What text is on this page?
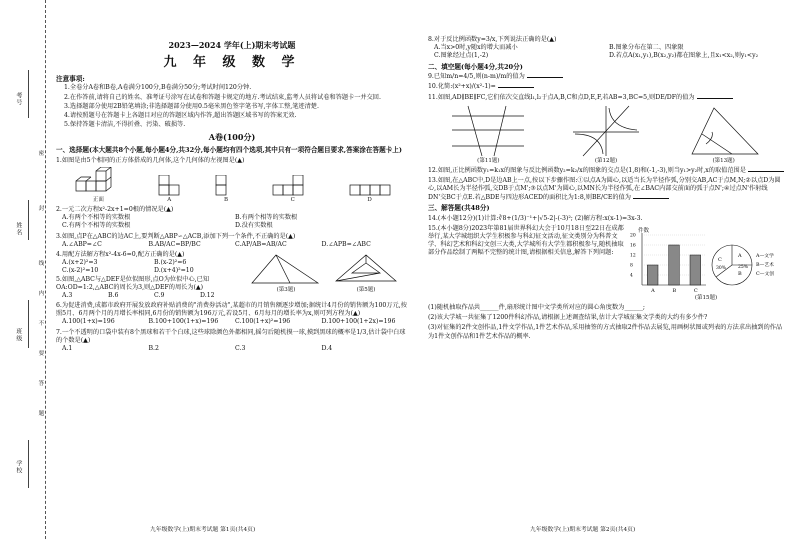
考号
姓名
班级
学校
密
封
线
内
不
要
答
题
2023—2024 学年(上)期末考试题
九 年 级 数 学
注意事项:
1.全卷分A卷和B卷,A卷满分100分,B卷满分50分;考试时间120分钟.
2.在作答前,请将自己的姓名、准考证号涂写在试卷和答题卡规定的地方.考试结束,监考人员将试卷和答题卡一并交回.
3.选择题部分使用2B铅笔填涂;非选择题部分使用0.5毫米黑色签字笔书写,字体工整,笔迹清楚.
4.请按照题号在答题卡上各题目对应的答题区域内作答,超出答题区域书写的答案无效.
5.保持答题卡清洁,不得折叠、污染、破损等.
A卷(100分)
一、选择题(本大题共8个小题,每小题4分,共32分,每小题均有四个选项,其中只有一项符合题目要求,答案涂在答题卡上)
1.如图是由5个相同的正方体搭成的几何体,这个几何体的左视图是(▲)
正面	A	B	C	D
2.一元二次方程x²-2x+1=0根的情况是(▲)
A.有两个不相等的实数根	B.有两个相等的实数根
C.有两个不相等的实数根	D.没有实数根
3.如图,点P在△ABC的边AC上,要判断△ABP∽△ACB,添加下列一个条件,不正确的是(▲)
A.∠ABP=∠C	B.AB/AC=BP/BC	C.AP/AB=AB/AC	D.∠APB=∠ABC
4.用配方法解方程x²-4x-6=0,配方正确的是(▲)
A.(x+2)²=3	B.(x-2)²=6
C.(x-2)²=10	D.(x+4)²=10
5.如图,△ABC与△DEF是位似图形,点O为位似中心,已知OA:OD=1:2,△ABC的周长为3,则△DEF的周长为(▲)
A.3	B.6	C.9	D.12
(第3题)	(第5题)
6.为促进消费,成都市政府开展发放政府补贴消费的"消费券活动",某超市的月销售额逐步增加;据统计4月份的销售额为100万元,按照5月、6月两个月的月增长率相同,6月份的销售额为196万元,若设5月、6月每月的增长率为x,则可列方程为(▲)
A.100(1+x)=196	B.100+100(1+x)=196	C.100(1+x)²=196	D.100+100(1+2x)=196
7.一个不透明的口袋中装有8个黑球和若干个白球,这些球除颜色外都相同,摇匀后随机摸一球,摸到黑球的概率是1/3,估计袋中白球的个数是(▲)
A.1	B.2	C.3	D.4
九年级数学(上)期末考试题 第1页(共4页)
8.对于反比例函数y=3/x,下列说法正确的是(▲)
A.当x>0时,y随x的增大而减小	B.图象分布在第二、四象限
C.图象经过点(1,-2)	D.若点A(x₁,y₁),B(x₂,y₂)都在图象上,且x₁<x₂,则y₁<y₂
二、填空题(每小题4分,共20分)
9.已知m/n=4/5,则(n-m)/m的值为
10.化简:(x²+x)/(x²-1)=
11.如图,AD∥BE∥FC,它们依次交直线l₁,l₂于点A,B,C和点D,E,F,若AB=3,BC=5,则DE/DF的值为
(第11题)	(第12题)	(第13题)
12.如图,正比例函数y₁=k₁x的图象与反比例函数y₂=k₂/x的图象的交点是(1,8)和(-1,-3),则当y₁>y₂时,x的取值范围是
13.如图,在△ABC中,D是边AB上一点,按以下步骤作图:①以点A为圆心,以适当长为半径作弧,分别交AB,AC于点M,N;②以点D为圆心,以AM长为半径作弧,交DB于点M';③以点M'为圆心,以MN长为半径作弧,在∠BAC内部交前面的弧于点N';④过点N'作射线DN'交BC于点E.若△BDE与四边形ACED的面积比为1:8,则BE/CE的值为
三、解答题(共48分)
14.(本小题12分)(1)计算:∛8+(1/3)⁻¹+|√5-2|-(-3)²; (2)解方程:x(x-1)=3x-3.
15.(本小题8分)2023年第81届世界科幻大会于10月18日至22日在成都举行,某大学城组织大学生积极参与科幻征文活动,征文类别分为科普文学、科幻艺术和科幻文创三大类,大学城所有大学生都积极参与,随机抽取部分作品绘制了两幅不完整的统计图,请根据相关信息,解答下列问题:
件数
4
8
12
16
20
A	B	C
A
B
C
25%
30%
A—文学
B—艺术
C—文创
(第15题)
(1)随机抽取作品共______件,扇形统计图中文学类所对应的圆心角度数为______;
(2)该大学城一共征集了1200件科幻作品,请根据上述调查结果,估计大学城征集文学类的大约有多少件?
(3)对征集的2件文创作品,1件文学作品,1件艺术作品,采用抽签的方式抽取2件作品去展览,用画树状图或列表的方法求出抽到的作品为1件文创作品和1件艺术作品的概率.
九年级数学(上)期末考试题 第2页(共4页)
